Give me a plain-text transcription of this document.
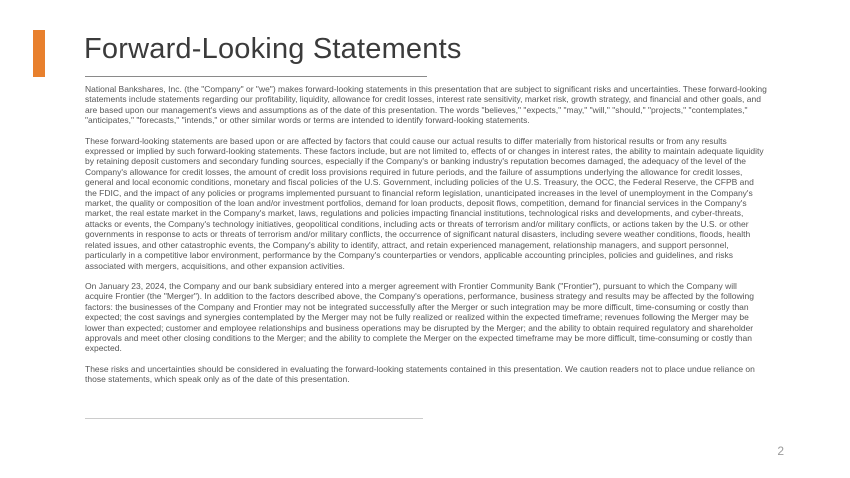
Forward-Looking Statements

National Bankshares, Inc. (the "Company" or "we") makes forward-looking statements in this presentation that are subject to significant risks and uncertainties. These forward-looking statements include statements regarding our profitability, liquidity, allowance for credit losses, interest rate sensitivity, market risk, growth strategy, and financial and other goals, and are based upon our management's views and assumptions as of the date of this presentation. The words "believes," "expects," "may," "will," "should," "projects," "contemplates," "anticipates," "forecasts," "intends," or other similar words or terms are intended to identify forward-looking statements.

These forward-looking statements are based upon or are affected by factors that could cause our actual results to differ materially from historical results or from any results expressed or implied by such forward-looking statements. These factors include, but are not limited to, effects of or changes in interest rates, the ability to maintain adequate liquidity by retaining deposit customers and secondary funding sources, especially if the Company's or banking industry's reputation becomes damaged, the adequacy of the level of the Company's allowance for credit losses, the amount of credit loss provisions required in future periods, and the failure of assumptions underlying the allowance for credit losses, general and local economic conditions, monetary and fiscal policies of the U.S. Government, including policies of the U.S. Treasury, the OCC, the Federal Reserve, the CFPB and the FDIC, and the impact of any policies or programs implemented pursuant to financial reform legislation, unanticipated increases in the level of unemployment in the Company's market, the quality or composition of the loan and/or investment portfolios, demand for loan products, deposit flows, competition, demand for financial services in the Company's market, the real estate market in the Company's market, laws, regulations and policies impacting financial institutions, technological risks and developments, and cyber-threats, attacks or events, the Company's technology initiatives, geopolitical conditions, including acts or threats of terrorism and/or military conflicts, or actions taken by the U.S. or other governments in response to acts or threats of terrorism and/or military conflicts, the occurrence of significant natural disasters, including severe weather conditions, floods, health related issues, and other catastrophic events, the Company's ability to identify, attract, and retain experienced management, relationship managers, and support personnel, particularly in a competitive labor environment, performance by the Company's counterparties or vendors, applicable accounting principles, policies and guidelines, and risks associated with mergers, acquisitions, and other expansion activities.

On January 23, 2024, the Company and our bank subsidiary entered into a merger agreement with Frontier Community Bank ("Frontier"), pursuant to which the Company will acquire Frontier (the "Merger"). In addition to the factors described above, the Company's operations, performance, business strategy and results may be affected by the following factors: the businesses of the Company and Frontier may not be integrated successfully after the Merger or such integration may be more difficult, time-consuming or costly than expected; the cost savings and synergies contemplated by the Merger may not be fully realized or realized within the expected timeframe; revenues following the Merger may be lower than expected; customer and employee relationships and business operations may be disrupted by the Merger; and the ability to obtain required regulatory and shareholder approvals and meet other closing conditions to the Merger; and the ability to complete the Merger on the expected timeframe may be more difficult, time-consuming or costly than expected.

These risks and uncertainties should be considered in evaluating the forward-looking statements contained in this presentation. We caution readers not to place undue reliance on those statements, which speak only as of the date of this presentation.

2
